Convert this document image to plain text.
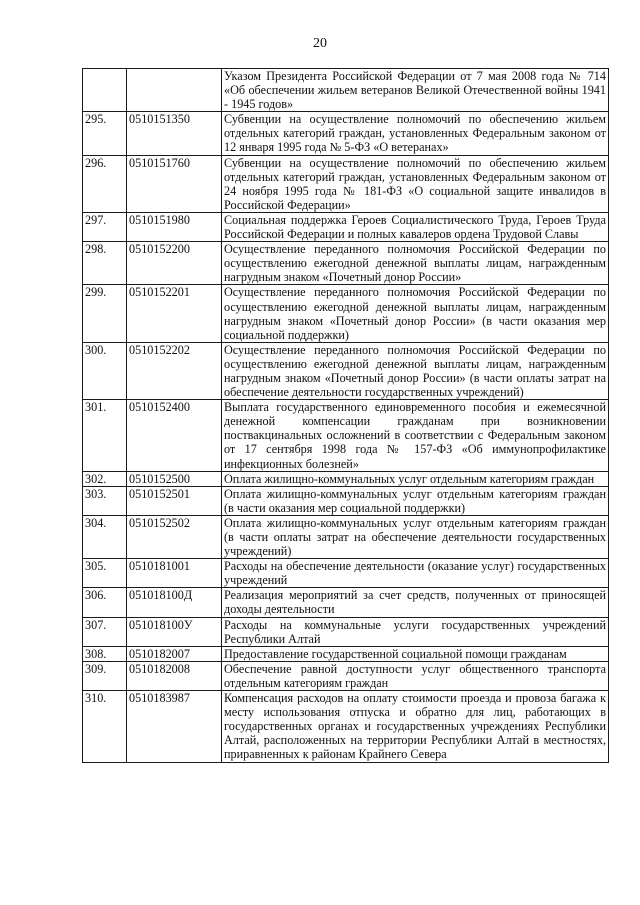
20
		Указом Президента Российской Федерации от 7 мая 2008 года № 714 «Об обеспечении жильем ветеранов Великой Отечественной войны 1941 - 1945 годов»
295.	0510151350	Субвенции на осуществление полномочий по обеспечению жильем отдельных категорий граждан, установленных Федеральным законом от 12 января 1995 года № 5-ФЗ «О ветеранах»
296.	0510151760	Субвенции на осуществление полномочий по обеспечению жильем отдельных категорий граждан, установленных Федеральным законом от 24 ноября 1995 года № 181-ФЗ «О социальной защите инвалидов в Российской Федерации»
297.	0510151980	Социальная поддержка Героев Социалистического Труда, Героев Труда Российской Федерации и полных кавалеров ордена Трудовой Славы
298.	0510152200	Осуществление переданного полномочия Российской Федерации по осуществлению ежегодной денежной выплаты лицам, награжденным нагрудным знаком «Почетный донор России»
299.	0510152201	Осуществление переданного полномочия Российской Федерации по осуществлению ежегодной денежной выплаты лицам, награжденным нагрудным знаком «Почетный донор России» (в части оказания мер социальной поддержки)
300.	0510152202	Осуществление переданного полномочия Российской Федерации по осуществлению ежегодной денежной выплаты лицам, награжденным нагрудным знаком «Почетный донор России» (в части оплаты затрат на обеспечение деятельности государственных учреждений)
301.	0510152400	Выплата государственного единовременного пособия и ежемесячной денежной компенсации гражданам при возникновении поствакцинальных осложнений в соответствии с Федеральным законом от 17 сентября 1998 года № 157-ФЗ «Об иммунопрофилактике инфекционных болезней»
302.	0510152500	Оплата жилищно-коммунальных услуг отдельным категориям граждан
303.	0510152501	Оплата жилищно-коммунальных услуг отдельным категориям граждан (в части оказания мер социальной поддержки)
304.	0510152502	Оплата жилищно-коммунальных услуг отдельным категориям граждан (в части оплаты затрат на обеспечение деятельности государственных учреждений)
305.	0510181001	Расходы на обеспечение деятельности (оказание услуг) государственных учреждений
306.	051018100Д	Реализация мероприятий за счет средств, полученных от приносящей доходы деятельности
307.	051018100У	Расходы на коммунальные услуги государственных учреждений Республики Алтай
308.	0510182007	Предоставление государственной социальной помощи гражданам
309.	0510182008	Обеспечение равной доступности услуг общественного транспорта отдельным категориям граждан
310.	0510183987	Компенсация расходов на оплату стоимости проезда и провоза багажа к месту использования отпуска и обратно для лиц, работающих в государственных органах и государственных учреждениях Республики Алтай, расположенных на территории Республики Алтай в местностях, приравненных к районам Крайнего Севера
